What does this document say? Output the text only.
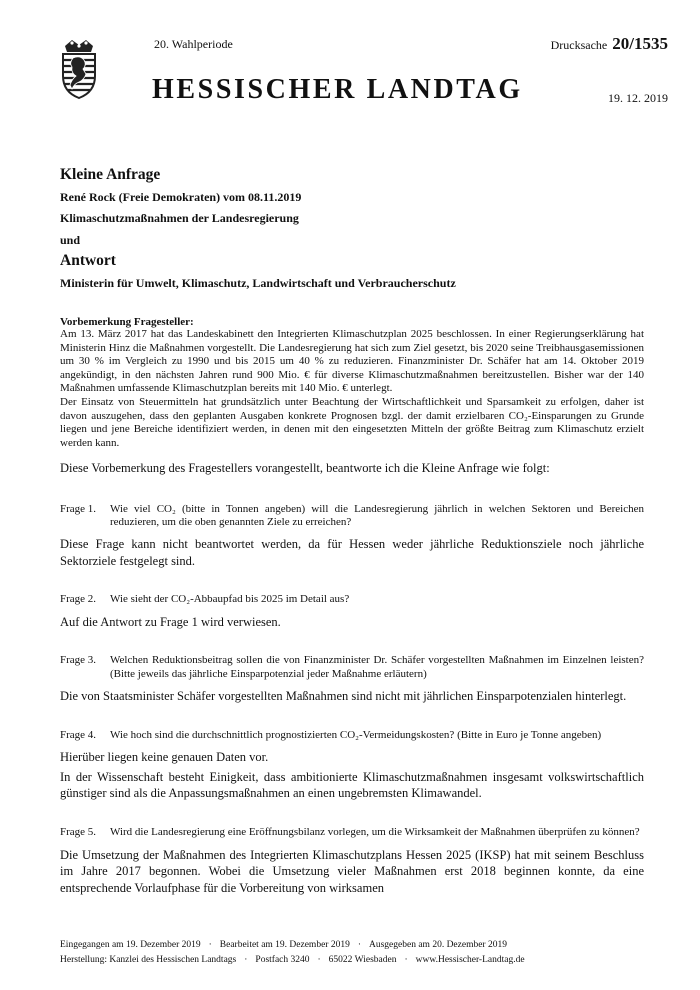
20. Wahlperiode	Drucksache 20/1535
HESSISCHER LANDTAG	19. 12. 2019
Kleine Anfrage
René Rock (Freie Demokraten) vom 08.11.2019
Klimaschutzmaßnahmen der Landesregierung
und
Antwort
Ministerin für Umwelt, Klimaschutz, Landwirtschaft und Verbraucherschutz
Vorbemerkung Fragesteller:
Am 13. März 2017 hat das Landeskabinett den Integrierten Klimaschutzplan 2025 beschlossen. In einer Regierungserklärung hat Ministerin Hinz die Maßnahmen vorgestellt. Die Landesregierung hat sich zum Ziel gesetzt, bis 2020 seine Treibhausgasemissionen um 30 % im Vergleich zu 1990 und bis 2015 um 40 % zu reduzieren. Finanzminister Dr. Schäfer hat am 14. Oktober 2019 angekündigt, in den nächsten Jahren rund 900 Mio. € für diverse Klimaschutzmaßnahmen bereitzustellen. Bisher war der 140 Maßnahmen umfassende Klimaschutzplan bereits mit 140 Mio. € unterlegt.
Der Einsatz von Steuermitteln hat grundsätzlich unter Beachtung der Wirtschaftlichkeit und Sparsamkeit zu erfolgen, daher ist davon auszugehen, dass den geplanten Ausgaben konkrete Prognosen bzgl. der damit erzielbaren CO₂-Einsparungen zu Grunde liegen und jene Bereiche identifiziert werden, in denen mit den eingesetzten Mitteln der größte Beitrag zum Klimaschutz erzielt werden kann.
Diese Vorbemerkung des Fragestellers vorangestellt, beantworte ich die Kleine Anfrage wie folgt:
Frage 1.	Wie viel CO₂ (bitte in Tonnen angeben) will die Landesregierung jährlich in welchen Sektoren und Bereichen reduzieren, um die oben genannten Ziele zu erreichen?
Diese Frage kann nicht beantwortet werden, da für Hessen weder jährliche Reduktionsziele noch jährliche Sektorziele festgelegt sind.
Frage 2.	Wie sieht der CO₂-Abbaupfad bis 2025 im Detail aus?
Auf die Antwort zu Frage 1 wird verwiesen.
Frage 3.	Welchen Reduktionsbeitrag sollen die von Finanzminister Dr. Schäfer vorgestellten Maßnahmen im Einzelnen leisten? (Bitte jeweils das jährliche Einsparpotenzial jeder Maßnahme erläutern)
Die von Staatsminister Schäfer vorgestellten Maßnahmen sind nicht mit jährlichen Einsparpotenzialen hinterlegt.
Frage 4.	Wie hoch sind die durchschnittlich prognostizierten CO₂-Vermeidungskosten? (Bitte in Euro je Tonne angeben)
Hierüber liegen keine genauen Daten vor.
In der Wissenschaft besteht Einigkeit, dass ambitionierte Klimaschutzmaßnahmen insgesamt volkswirtschaftlich günstiger sind als die Anpassungsmaßnahmen an einen ungebremsten Klimawandel.
Frage 5.	Wird die Landesregierung eine Eröffnungsbilanz vorlegen, um die Wirksamkeit der Maßnahmen überprüfen zu können?
Die Umsetzung der Maßnahmen des Integrierten Klimaschutzplans Hessen 2025 (IKSP) hat mit seinem Beschluss im Jahre 2017 begonnen. Wobei die Umsetzung vieler Maßnahmen erst 2018 beginnen konnte, da eine entsprechende Vorlaufphase für die Vorbereitung von wirksamen
Eingegangen am 19. Dezember 2019 · Bearbeitet am 19. Dezember 2019 · Ausgegeben am 20. Dezember 2019
Herstellung: Kanzlei des Hessischen Landtags · Postfach 3240 · 65022 Wiesbaden · www.Hessischer-Landtag.de
